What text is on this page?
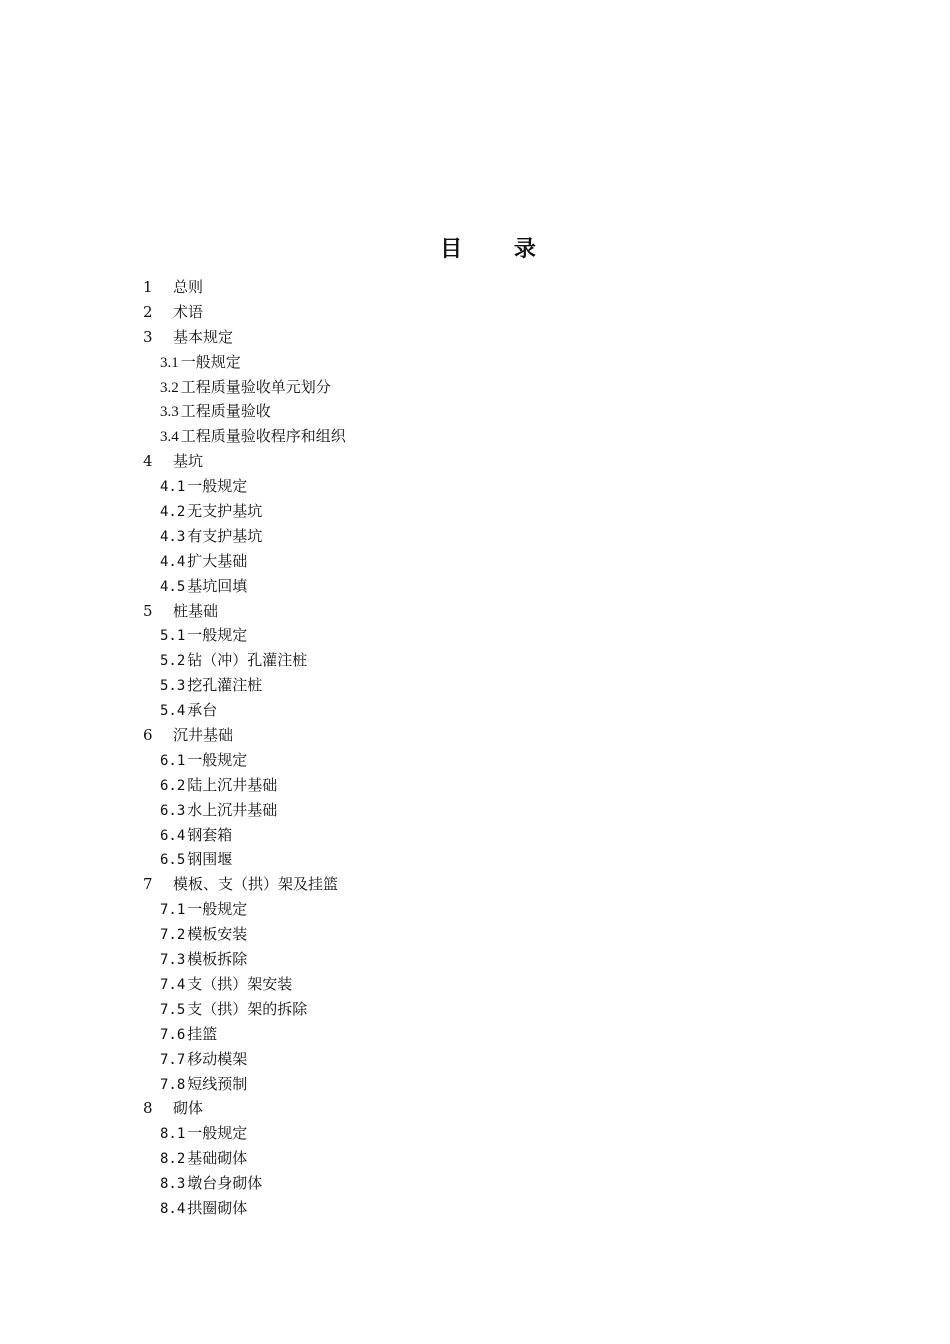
目 录
1 总则
2 术语
3 基本规定
3.1 一般规定
3.2 工程质量验收单元划分
3.3 工程质量验收
3.4 工程质量验收程序和组织
4 基坑
4.1 一般规定
4.2 无支护基坑
4.3 有支护基坑
4.4 扩大基础
4.5 基坑回填
5 桩基础
5.1 一般规定
5.2 钻（冲）孔灌注桩
5.3 挖孔灌注桩
5.4 承台
6 沉井基础
6.1 一般规定
6.2 陆上沉井基础
6.3 水上沉井基础
6.4 钢套箱
6.5 钢围堰
7 模板、支（拱）架及挂篮
7.1 一般规定
7.2 模板安装
7.3 模板拆除
7.4 支（拱）架安装
7.5 支（拱）架的拆除
7.6 挂篮
7.7 移动模架
7.8 短线预制
8 砌体
8.1 一般规定
8.2 基础砌体
8.3 墩台身砌体
8.4 拱圈砌体
